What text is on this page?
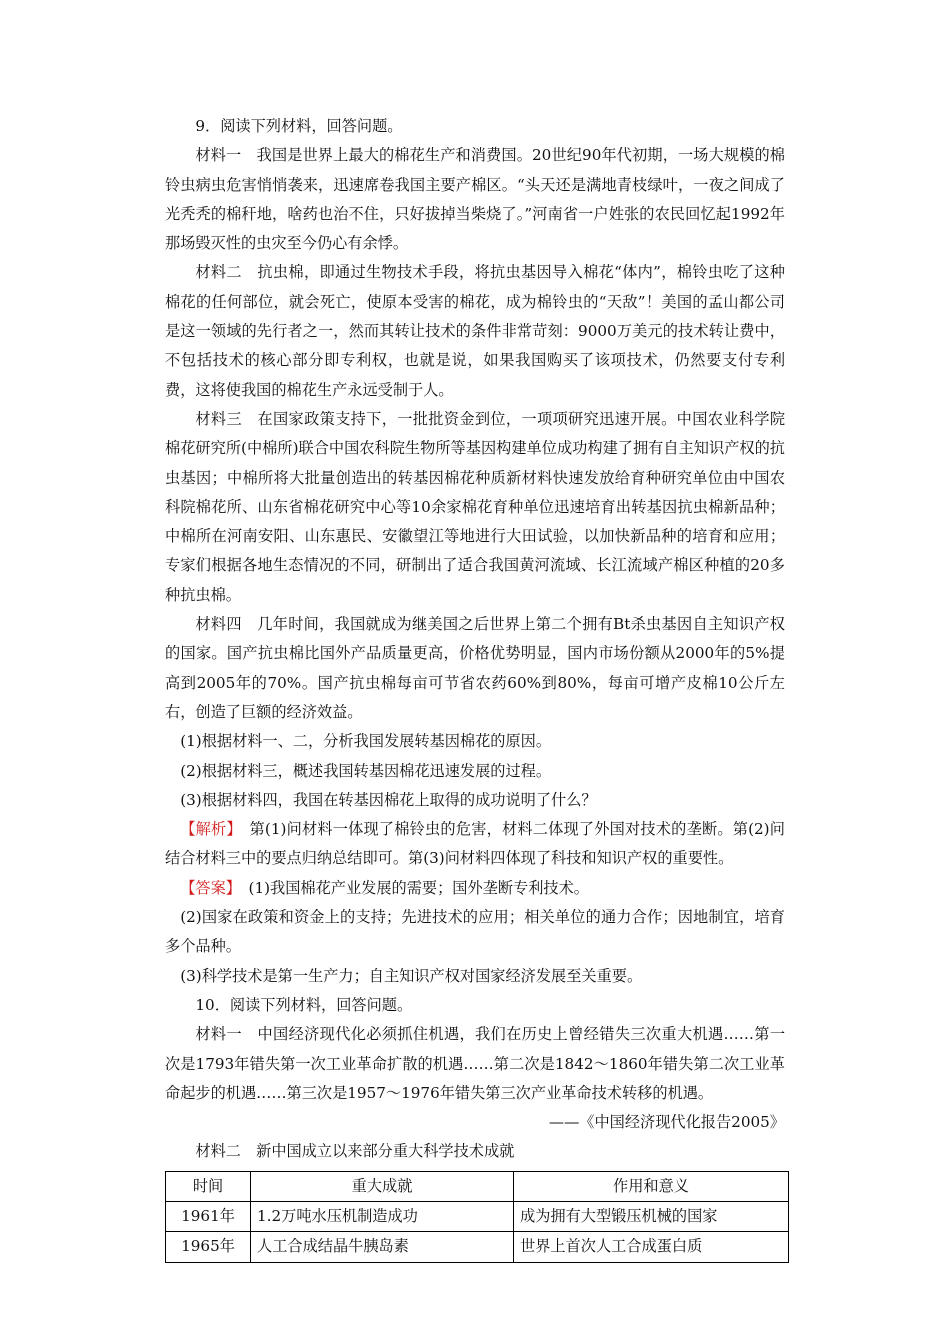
9．阅读下列材料，回答问题。

材料一　我国是世界上最大的棉花生产和消费国。20世纪90年代初期，一场大规模的棉铃虫病虫危害悄悄袭来，迅速席卷我国主要产棉区。“头天还是满地青枝绿叶，一夜之间成了光秃秃的棉秆地，啥药也治不住，只好拔掉当柴烧了。”河南省一户姓张的农民回忆起1992年那场毁灭性的虫灾至今仍心有余悸。

材料二　抗虫棉，即通过生物技术手段，将抗虫基因导入棉花“体内”，棉铃虫吃了这种棉花的任何部位，就会死亡，使原本受害的棉花，成为棉铃虫的“天敌”！美国的孟山都公司是这一领域的先行者之一，然而其转让技术的条件非常苛刻：9000万美元的技术转让费中，不包括技术的核心部分即专利权，也就是说，如果我国购买了该项技术，仍然要支付专利费，这将使我国的棉花生产永远受制于人。

材料三　在国家政策支持下，一批批资金到位，一项项研究迅速开展。中国农业科学院棉花研究所(中棉所)联合中国农科院生物所等基因构建单位成功构建了拥有自主知识产权的抗虫基因；中棉所将大批量创造出的转基因棉花种质新材料快速发放给育种研究单位由中国农科院棉花所、山东省棉花研究中心等10余家棉花育种单位迅速培育出转基因抗虫棉新品种；中棉所在河南安阳、山东惠民、安徽望江等地进行大田试验，以加快新品种的培育和应用；专家们根据各地生态情况的不同，研制出了适合我国黄河流域、长江流域产棉区种植的20多种抗虫棉。

材料四　几年时间，我国就成为继美国之后世界上第二个拥有Bt杀虫基因自主知识产权的国家。国产抗虫棉比国外产品质量更高，价格优势明显，国内市场份额从2000年的5%提高到2005年的70%。国产抗虫棉每亩可节省农药60%到80%，每亩可增产皮棉10公斤左右，创造了巨额的经济效益。

(1)根据材料一、二，分析我国发展转基因棉花的原因。

(2)根据材料三，概述我国转基因棉花迅速发展的过程。

(3)根据材料四，我国在转基因棉花上取得的成功说明了什么？

【解析】　第(1)问材料一体现了棉铃虫的危害，材料二体现了外国对技术的垄断。第(2)问结合材料三中的要点归纳总结即可。第(3)问材料四体现了科技和知识产权的重要性。

【答案】　(1)我国棉花产业发展的需要；国外垄断专利技术。

(2)国家在政策和资金上的支持；先进技术的应用；相关单位的通力合作；因地制宜，培育多个品种。

(3)科学技术是第一生产力；自主知识产权对国家经济发展至关重要。

10．阅读下列材料，回答问题。

材料一　中国经济现代化必须抓住机遇，我们在历史上曾经错失三次重大机遇……第一次是1793年错失第一次工业革命扩散的机遇……第二次是1842～1860年错失第二次工业革命起步的机遇……第三次是1957～1976年错失第三次产业革命技术转移的机遇。

——《中国经济现代化报告2005》

材料二　新中国成立以来部分重大科学技术成就

时间	重大成就	作用和意义
1961年	1.2万吨水压机制造成功	成为拥有大型锻压机械的国家
1965年	人工合成结晶牛胰岛素	世界上首次人工合成蛋白质
